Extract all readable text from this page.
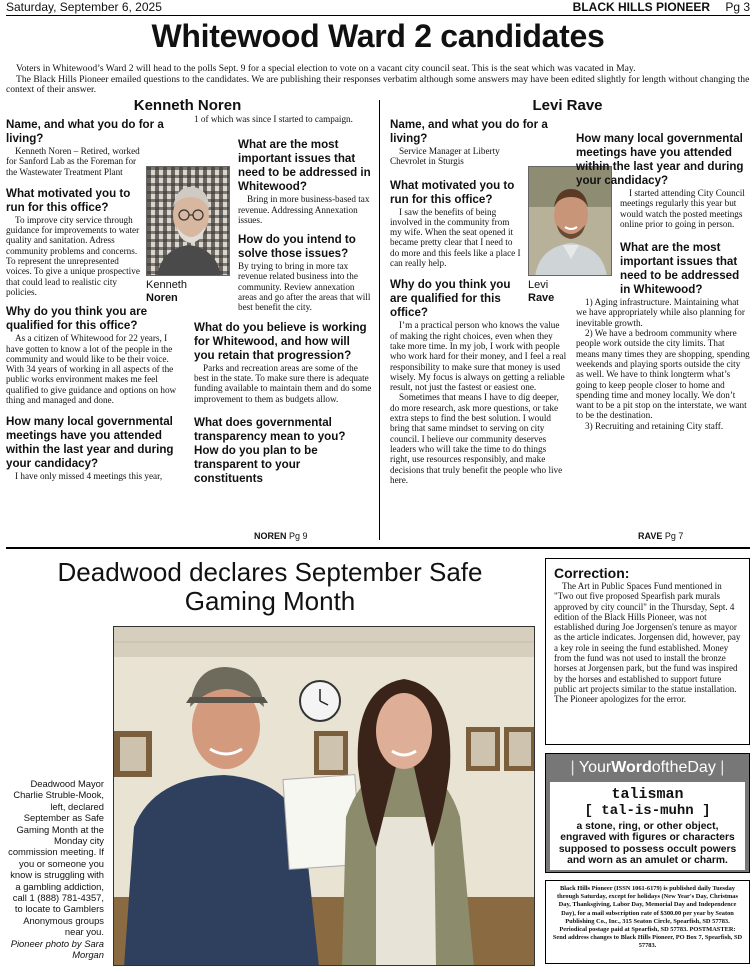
Saturday, September 6, 2025	BLACK HILLS PIONEER Pg 3
Whitewood Ward 2 candidates

Voters in Whitewood’s Ward 2 will head to the polls Sept. 9 for a special election to vote on a vacant city council seat. This is the seat which was vacated in May.

The Black Hills Pioneer emailed questions to the candidates. We are publishing their responses verbatim although some answers may have been edited slightly for length without changing the context of their answer.

Kenneth Noren
Name, and what you do for a living?

Kenneth Noren – Retired, worked for Sanford Lab as the Foreman for the Wastewater Treatment Plant

What motivated you to run for this office?

To improve city service through guidance for improvements to water quality and sanitation. Adress community problems and concerns. To represent the unrepresented voices. To give a unique prospective that could lead to realistic city policies.

Why do you think you are qualified for this office?

As a citizen of Whitewood for 22 years, I have gotten to know a lot of the people in the community and would like to be their voice. With 34 years of working in all aspects of the public works environment makes me feel qualified to give guidance and options on how thing and managed and done.

How many local governmental meetings have you attended within the last year and during your candidacy?

I have only missed 4 meetings this year,

Kenneth
Noren

1 of which was since I started to campaign.

What are the most important issues that need to be addressed in Whitewood?

Bring in more business-based tax revenue. Addressing Annexation issues.

How do you intend to solve those issues?

By trying to bring in more tax revenue related business into the community. Review annexation areas and go after the areas that will best benefit the city.

What do you believe is working for Whitewood, and how will you retain that progression?

Parks and recreation areas are some of the best in the state. To make sure there is adequate funding available to maintain them and do some improvement to them as budgets allow.

What does governmental transparency mean to you? How do you plan to be transparent to your constituents
NOREN Pg 9
Levi Rave
Name, and what you do for a living?

Service Manager at Liberty Chevrolet in Sturgis

What motivated you to run for this office?

I saw the benefits of being involved in the community from my wife. When the seat opened it became pretty clear that I need to do more and this feels like a place I can really help.

Why do you think you are qualified for this office?

I’m a practical person who knows the value of making the right choices, even when they take more time. In my job, I work with people who work hard for their money, and I feel a real responsibility to make sure that money is used wisely. My focus is always on getting a reliable result, not just the fastest or easiest one.

Sometimes that means I have to dig deeper, do more research, ask more questions, or take extra steps to find the best solution. I would bring that same mindset to serving on city council. I believe our community deserves leaders who will take the time to do things right, use resources responsibly, and make decisions that truly benefit the people who live here.

Levi
Rave
How many local governmental meetings have you attended within the last year and during your candidacy?

I started attending City Council meetings regularly this year but would watch the posted meetings online prior to going in person.

What are the most important issues that need to be addressed in Whitewood?

1) Aging infrastructure. Maintaining what we have appropriately while also planning for inevitable growth.

2) We have a bedroom community where people work outside the city limits. That means many times they are shopping, spending weekends and playing sports outside the city as well. We have to think longterm what’s going to keep people closer to home and spending time and money locally. We don’t want to be a pit stop on the interstate, we want to be the destination.

3) Recruiting and retaining City staff.

RAVE Pg 7
Deadwood declares September Safe Gaming Month
Deadwood Mayor Charlie Struble-Mook, left, declared September as Safe Gaming Month at the Monday city commission meeting. If you or someone you know is struggling with a gambling addiction, call 1 (888) 781-4357, to locate to Gamblers Anonymous groups near you.
Pioneer photo by Sara Morgan
Correction:

The Art in Public Spaces Fund mentioned in "Two out five proposed Spearfish park murals approved by city council" in the Thursday, Sept. 4 edition of the Black Hills Pioneer, was not established during Joe Jorgensen's tenure as mayor as the article indicates. Jorgensen did, however, pay a key role in seeing the fund established. Money from the fund was not used to install the bronze horses at Jorgensen park, but the fund was inspired by the horses and established to support future public art projects similar to the statue installation. The Pioneer apologizes for the error.

| YourWordoftheDay |
talisman
[ tal-is-muhn ]
a stone, ring, or other object, engraved with figures or characters supposed to possess occult powers and worn as an amulet or charm.
Black Hills Pioneer (ISSN 1061-6179) is published daily Tuesday through Saturday, except for holidays (New Year's Day, Christmas Day, Thanksgiving, Labor Day, Memorial Day and Independence Day), for a mail subscription rate of $300.00 per year by Seaton Publishing Co., Inc., 315 Seaton Circle, Spearfish, SD 57783. Periodical postage paid at Spearfish, SD 57783. POSTMASTER: Send address changes to Black Hills Pioneer, PO Box 7, Spearfish, SD 57783.
